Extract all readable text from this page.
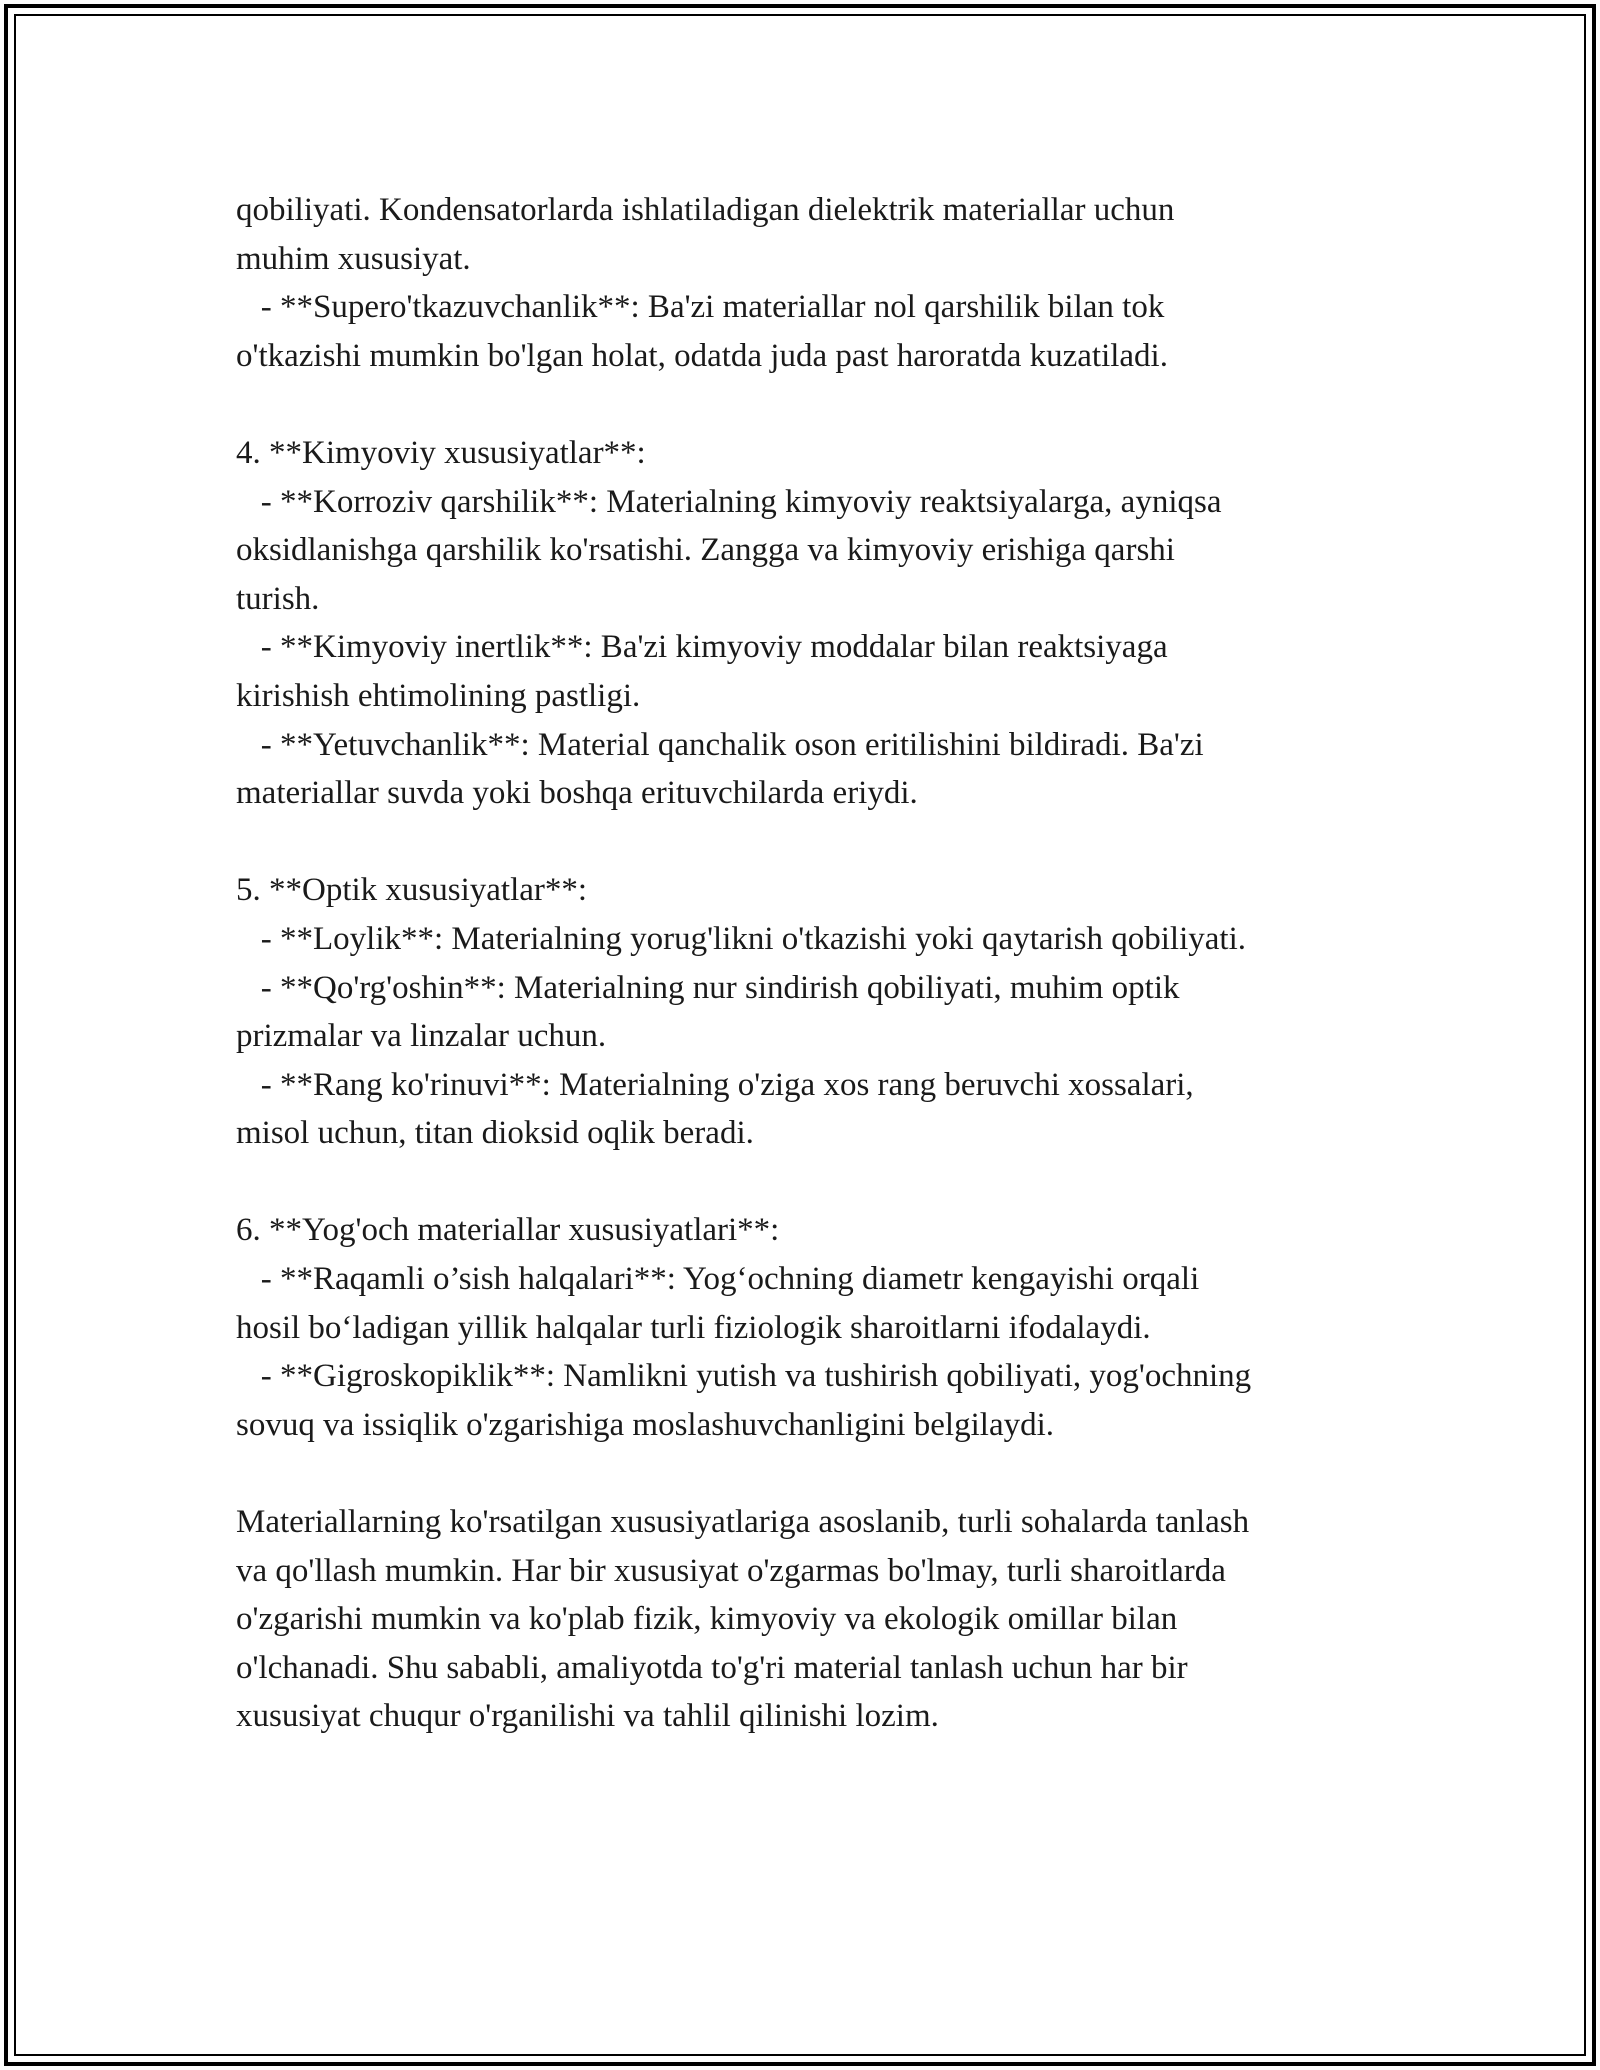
qobiliyati. Kondensatorlarda ishlatiladigan dielektrik materiallar uchun
muhim xususiyat.
- **Supero'tkazuvchanlik**: Ba'zi materiallar nol qarshilik bilan tok
o'tkazishi mumkin bo'lgan holat, odatda juda past haroratda kuzatiladi.
4. **Kimyoviy xususiyatlar**:
- **Korroziv qarshilik**: Materialning kimyoviy reaktsiyalarga, ayniqsa
oksidlanishga qarshilik ko'rsatishi. Zangga va kimyoviy erishiga qarshi
turish.
- **Kimyoviy inertlik**: Ba'zi kimyoviy moddalar bilan reaktsiyaga
kirishish ehtimolining pastligi.
- **Yetuvchanlik**: Material qanchalik oson eritilishini bildiradi. Ba'zi
materiallar suvda yoki boshqa erituvchilarda eriydi.
5. **Optik xususiyatlar**:
- **Loylik**: Materialning yorug'likni o'tkazishi yoki qaytarish qobiliyati.
- **Qo'rg'oshin**: Materialning nur sindirish qobiliyati, muhim optik
prizmalar va linzalar uchun.
- **Rang ko'rinuvi**: Materialning o'ziga xos rang beruvchi xossalari,
misol uchun, titan dioksid oqlik beradi.
6. **Yog'och materiallar xususiyatlari**:
- **Raqamli o’sish halqalari**: Yog‘ochning diametr kengayishi orqali
hosil bo‘ladigan yillik halqalar turli fiziologik sharoitlarni ifodalaydi.
- **Gigroskopiklik**: Namlikni yutish va tushirish qobiliyati, yog'ochning
sovuq va issiqlik o'zgarishiga moslashuvchanligini belgilaydi.
Materiallarning ko'rsatilgan xususiyatlariga asoslanib, turli sohalarda tanlash
va qo'llash mumkin. Har bir xususiyat o'zgarmas bo'lmay, turli sharoitlarda
o'zgarishi mumkin va ko'plab fizik, kimyoviy va ekologik omillar bilan
o'lchanadi. Shu sababli, amaliyotda to'g'ri material tanlash uchun har bir
xususiyat chuqur o'rganilishi va tahlil qilinishi lozim.
